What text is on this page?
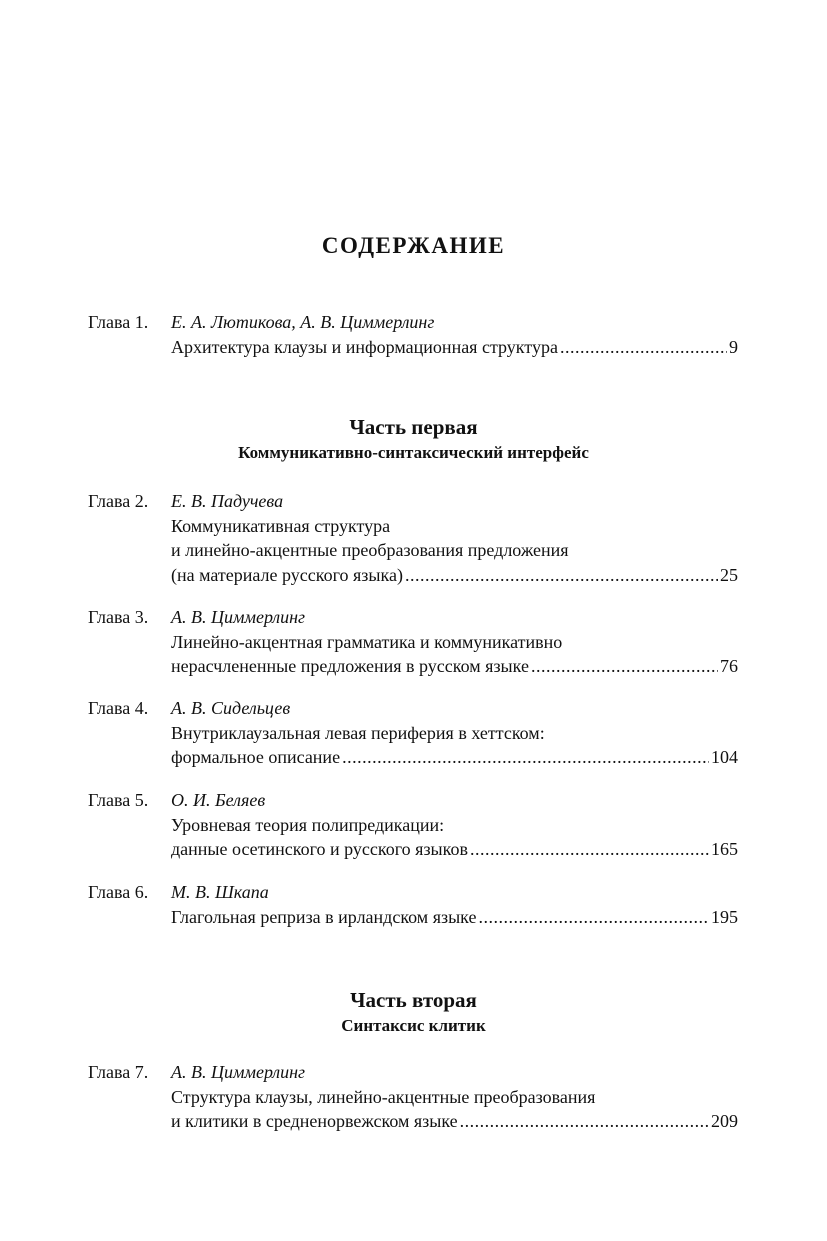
СОДЕРЖАНИЕ
Глава 1.	Е. А. Лютикова, А. В. Циммерлинг
Архитектура клаузы и информационная структура .....	9
Часть первая
Коммуникативно-синтаксический интерфейс
Глава 2.	Е. В. Падучева
Коммуникативная структура
и линейно-акцентные преобразования предложения
(на материале русского языка) .....	25
Глава 3.	А. В. Циммерлинг
Линейно-акцентная грамматика и коммуникативно
нерасчлененные предложения в русском языке .....	76
Глава 4.	А. В. Сидельцев
Внутриклаузальная левая периферия в хеттском:
формальное описание .....	104
Глава 5.	О. И. Беляев
Уровневая теория полипредикации:
данные осетинского и русского языков .....	165
Глава 6.	М. В. Шкапа
Глагольная реприза в ирландском языке .....	195
Часть вторая
Синтаксис клитик
Глава 7.	А. В. Циммерлинг
Структура клаузы, линейно-акцентные преобразования
и клитики в средненорвежском языке .....	209
